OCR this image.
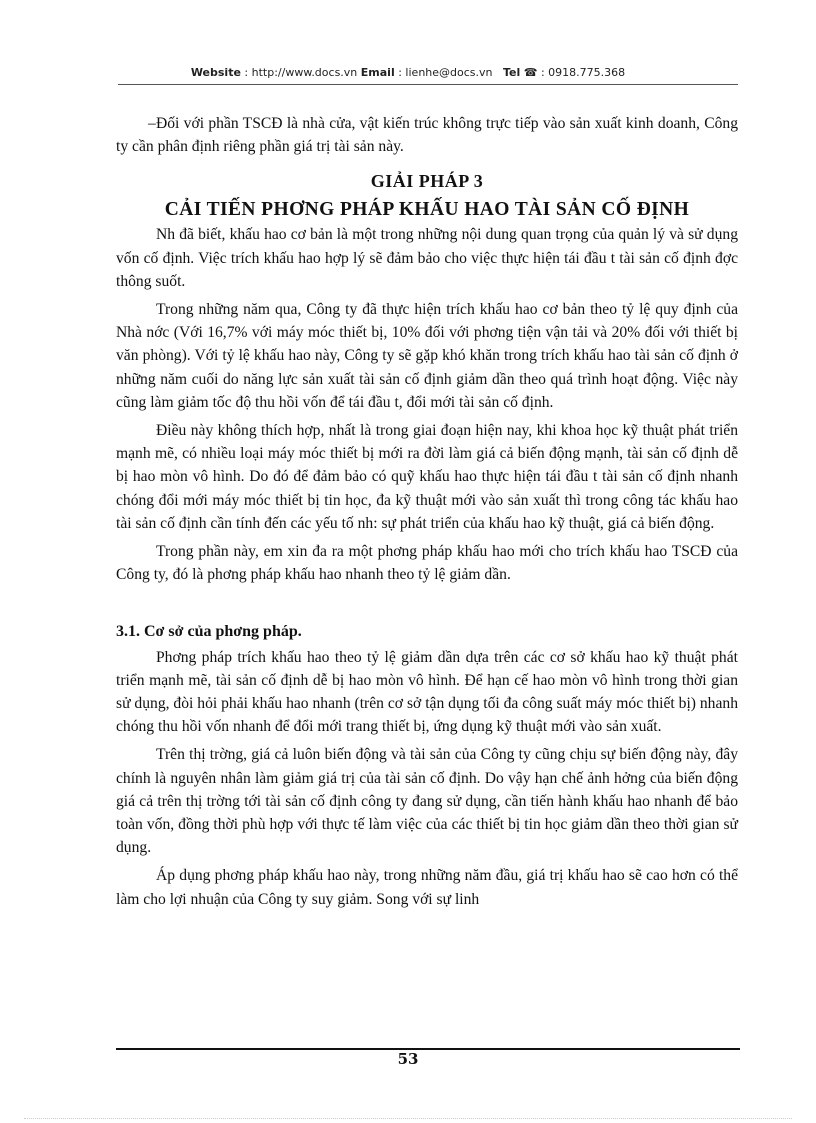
Website : http://www.docs.vn Email : lienhe@docs.vn   Tel ☎ : 0918.775.368

–Đối với phần TSCĐ là nhà cửa, vật kiến trúc không trực tiếp vào sản xuất kinh doanh, Công ty cần phân định riêng phần giá trị tài sản này.

GIẢI PHÁP 3
CẢI TIẾN PHƠNG PHÁP KHẤU HAO TÀI SẢN CỐ ĐỊNH

Nh đã biết, khấu hao cơ bản là một trong những nội dung quan trọng của quản lý và sử dụng vốn cố định. Việc trích khấu hao hợp lý sẽ đảm bảo cho việc thực hiện tái đầu t tài sản cố định đợc thông suốt.

Trong những năm qua, Công ty đã thực hiện trích khấu hao cơ bản theo tỷ lệ quy định của Nhà nớc (Với 16,7% với máy móc thiết bị, 10% đối với phơng tiện vận tải và 20% đối với thiết bị văn phòng). Với tỷ lệ khấu hao này, Công ty sẽ gặp khó khăn trong trích khấu hao tài sản cố định ở những năm cuối do năng lực sản xuất tài sản cố định giảm dần theo quá trình hoạt động. Việc này cũng làm giảm tốc độ thu hồi vốn để tái đầu t, đổi mới tài sản cố định.

Điều này không thích hợp, nhất là trong giai đoạn hiện nay, khi khoa học kỹ thuật phát triển mạnh mẽ, có nhiều loại máy móc thiết bị mới ra đời làm giá cả biến động mạnh, tài sản cố định dễ bị hao mòn vô hình. Do đó để đảm bảo có quỹ khấu hao thực hiện tái đầu t tài sản cố định nhanh chóng đổi mới máy móc thiết bị tin học, đa kỹ thuật mới vào sản xuất thì trong công tác khấu hao tài sản cố định cần tính đến các yếu tố nh: sự phát triển của khấu hao kỹ thuật, giá cả biến động.

Trong phần này, em xin đa ra một phơng pháp khấu hao mới cho trích khấu hao TSCĐ của Công ty, đó là phơng pháp khấu hao nhanh theo tỷ lệ giảm dần.

3.1. Cơ sở của phơng pháp.

Phơng pháp trích khấu hao theo tỷ lệ giảm dần dựa trên các cơ sở khấu hao kỹ thuật phát triển mạnh mẽ, tài sản cố định dễ bị hao mòn vô hình. Để hạn cế hao mòn vô hình trong thời gian sử dụng, đòi hỏi phải khấu hao nhanh (trên cơ sở tận dụng tối đa công suất máy móc thiết bị) nhanh chóng thu hồi vốn nhanh để đổi mới trang thiết bị, ứng dụng kỹ thuật mới vào sản xuất.

Trên thị trờng, giá cả luôn biến động và tài sản của Công ty cũng chịu sự biến động này, đây chính là nguyên nhân làm giảm giá trị của tài sản cố định. Do vậy hạn chế ảnh hởng của biến động giá cả trên thị trờng tới tài sản cố định công ty đang sử dụng, cần tiến hành khấu hao nhanh để bảo toàn vốn, đồng thời phù hợp với thực tế làm việc của các thiết bị tin học giảm dần theo thời gian sử dụng.

Áp dụng phơng pháp khấu hao này, trong những năm đầu, giá trị khấu hao sẽ cao hơn có thể làm cho lợi nhuận của Công ty suy giảm. Song với sự linh

53
